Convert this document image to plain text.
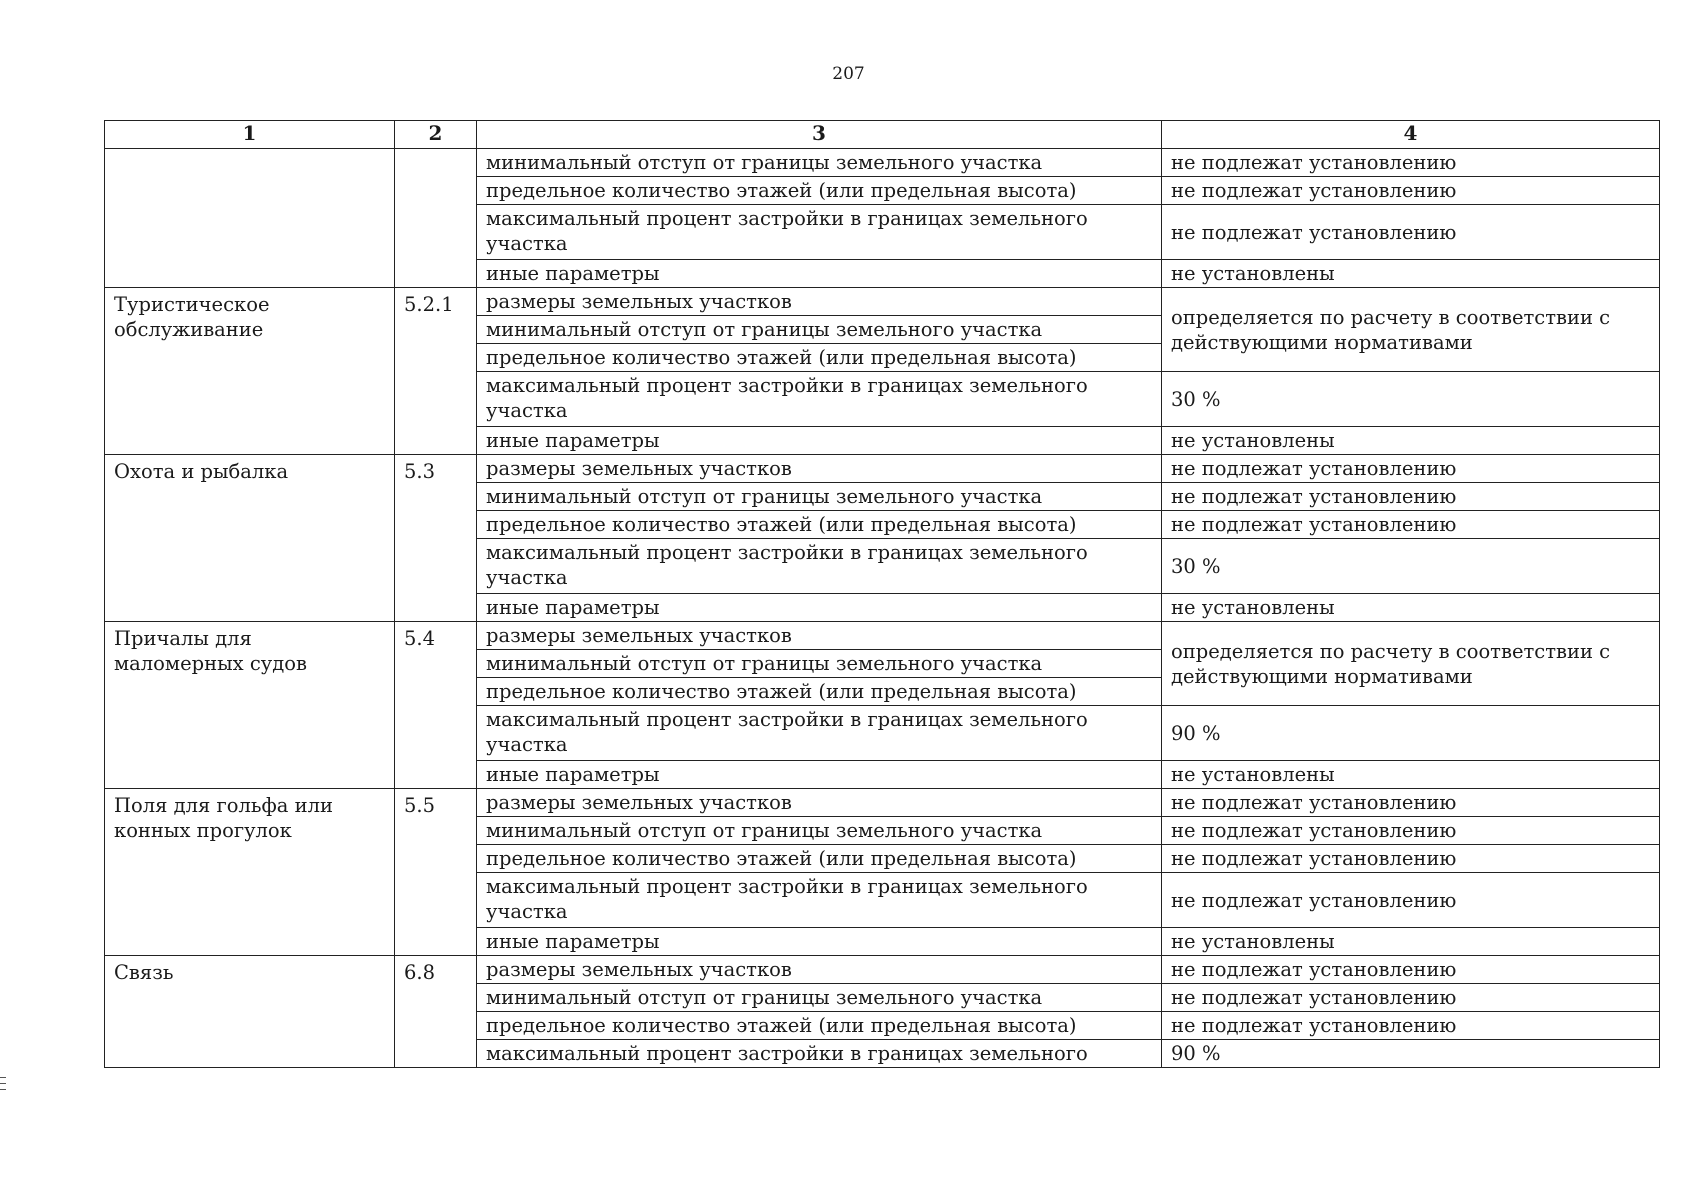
207
1	2	3	4
		минимальный отступ от границы земельного участка	не подлежат установлению
		предельное количество этажей (или предельная высота)	не подлежат установлению
		максимальный процент застройки в границах земельного участка	не подлежат установлению
		иные параметры	не установлены
Туристическое обслуживание	5.2.1	размеры земельных участков	определяется по расчету в соответствии с действующими нормативами
		минимальный отступ от границы земельного участка	
		предельное количество этажей (или предельная высота)	
		максимальный процент застройки в границах земельного участка	30 %
		иные параметры	не установлены
Охота и рыбалка	5.3	размеры земельных участков	не подлежат установлению
		минимальный отступ от границы земельного участка	не подлежат установлению
		предельное количество этажей (или предельная высота)	не подлежат установлению
		максимальный процент застройки в границах земельного участка	30 %
		иные параметры	не установлены
Причалы для маломерных судов	5.4	размеры земельных участков	определяется по расчету в соответствии с действующими нормативами
		минимальный отступ от границы земельного участка	
		предельное количество этажей (или предельная высота)	
		максимальный процент застройки в границах земельного участка	90 %
		иные параметры	не установлены
Поля для гольфа или конных прогулок	5.5	размеры земельных участков	не подлежат установлению
		минимальный отступ от границы земельного участка	не подлежат установлению
		предельное количество этажей (или предельная высота)	не подлежат установлению
		максимальный процент застройки в границах земельного участка	не подлежат установлению
		иные параметры	не установлены
Связь	6.8	размеры земельных участков	не подлежат установлению
		минимальный отступ от границы земельного участка	не подлежат установлению
		предельное количество этажей (или предельная высота)	не подлежат установлению
		максимальный процент застройки в границах земельного	90 %
